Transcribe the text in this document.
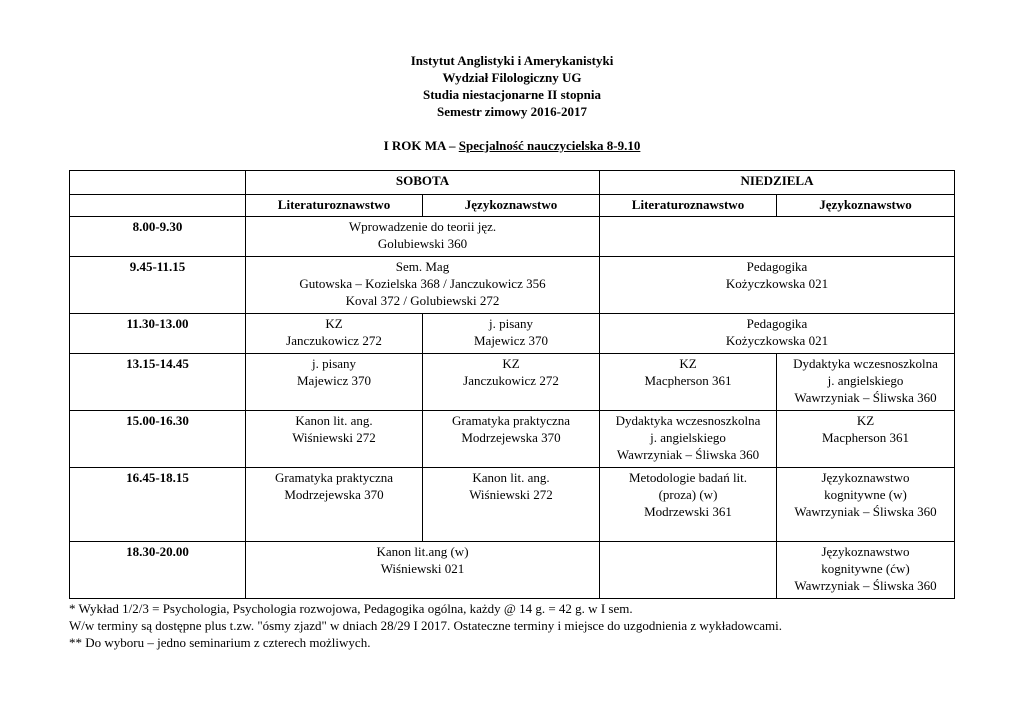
Instytut Anglistyki i Amerykanistyki
Wydział Filologiczny UG
Studia niestacjonarne II stopnia
Semestr zimowy 2016-2017
I ROK MA – Specjalność nauczycielska 8-9.10
	SOBOTA		NIEDZIELA	
	Literaturoznawstwo	Językoznawstwo	Literaturoznawstwo	Językoznawstwo
8.00-9.30	Wprowadzenie do teorii jęz.
Golubiewski 360			

9.45-11.15	Sem. Mag
Gutowska – Kozielska 368 / Janczukowicz 356
Koval 372 / Golubiewski 272		Pedagogika
Kożyczkowska 021	

11.30-13.00	KZ
Janczukowicz 272	j. pisany
Majewicz 370	Pedagogika
Kożyczkowska 021	

13.15-14.45	j. pisany
Majewicz 370	KZ
Janczukowicz 272	KZ
Macpherson 361	Dydaktyka wczesnoszkolna
j. angielskiego
Wawrzyniak – Śliwska 360

15.00-16.30	Kanon lit. ang.
Wiśniewski 272	Gramatyka praktyczna
Modrzejewska 370	Dydaktyka wczesnoszkolna
j. angielskiego
Wawrzyniak – Śliwska 360	KZ
Macpherson 361

16.45-18.15	Gramatyka praktyczna
Modrzejewska 370	Kanon lit. ang.
Wiśniewski 272	Metodologie badań lit.
(proza) (w)
Modrzewski 361	Językoznawstwo
kognitywne (w)
Wawrzyniak – Śliwska 360

18.30-20.00	Kanon lit.ang (w)
Wiśniewski 021			Językoznawstwo
kognitywne (ćw)
Wawrzyniak – Śliwska 360
* Wykład 1/2/3 = Psychologia, Psychologia rozwojowa, Pedagogika ogólna, każdy @ 14 g. = 42 g. w I sem.
W/w terminy są dostępne plus t.zw. "ósmy zjazd" w dniach 28/29 I 2017. Ostateczne terminy i miejsce do uzgodnienia z wykładowcami.
** Do wyboru – jedno seminarium z czterech możliwych.
